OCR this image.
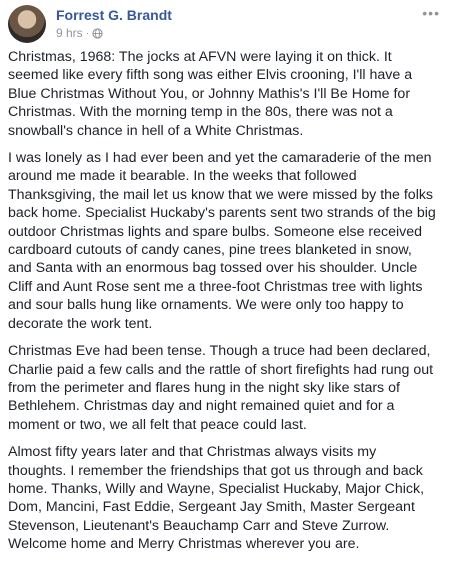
Forrest G. Brandt
9 hrs ·
•••

Christmas, 1968: The jocks at AFVN were laying it on thick. It seemed like every fifth song was either Elvis crooning, I'll have a Blue Christmas Without You, or Johnny Mathis's I'll Be Home for Christmas. With the morning temp in the 80s, there was not a snowball's chance in hell of a White Christmas.

I was lonely as I had ever been and yet the camaraderie of the men around me made it bearable. In the weeks that followed Thanksgiving, the mail let us know that we were missed by the folks back home. Specialist Huckaby's parents sent two strands of the big outdoor Christmas lights and spare bulbs. Someone else received cardboard cutouts of candy canes, pine trees blanketed in snow, and Santa with an enormous bag tossed over his shoulder. Uncle Cliff and Aunt Rose sent me a three-foot Christmas tree with lights and sour balls hung like ornaments. We were only too happy to decorate the work tent.

Christmas Eve had been tense. Though a truce had been declared, Charlie paid a few calls and the rattle of short firefights had rung out from the perimeter and flares hung in the night sky like stars of Bethlehem. Christmas day and night remained quiet and for a moment or two, we all felt that peace could last.

Almost fifty years later and that Christmas always visits my thoughts. I remember the friendships that got us through and back home. Thanks, Willy and Wayne, Specialist Huckaby, Major Chick, Dom, Mancini, Fast Eddie, Sergeant Jay Smith, Master Sergeant Stevenson, Lieutenant's Beauchamp Carr and Steve Zurrow. Welcome home and Merry Christmas wherever you are.
